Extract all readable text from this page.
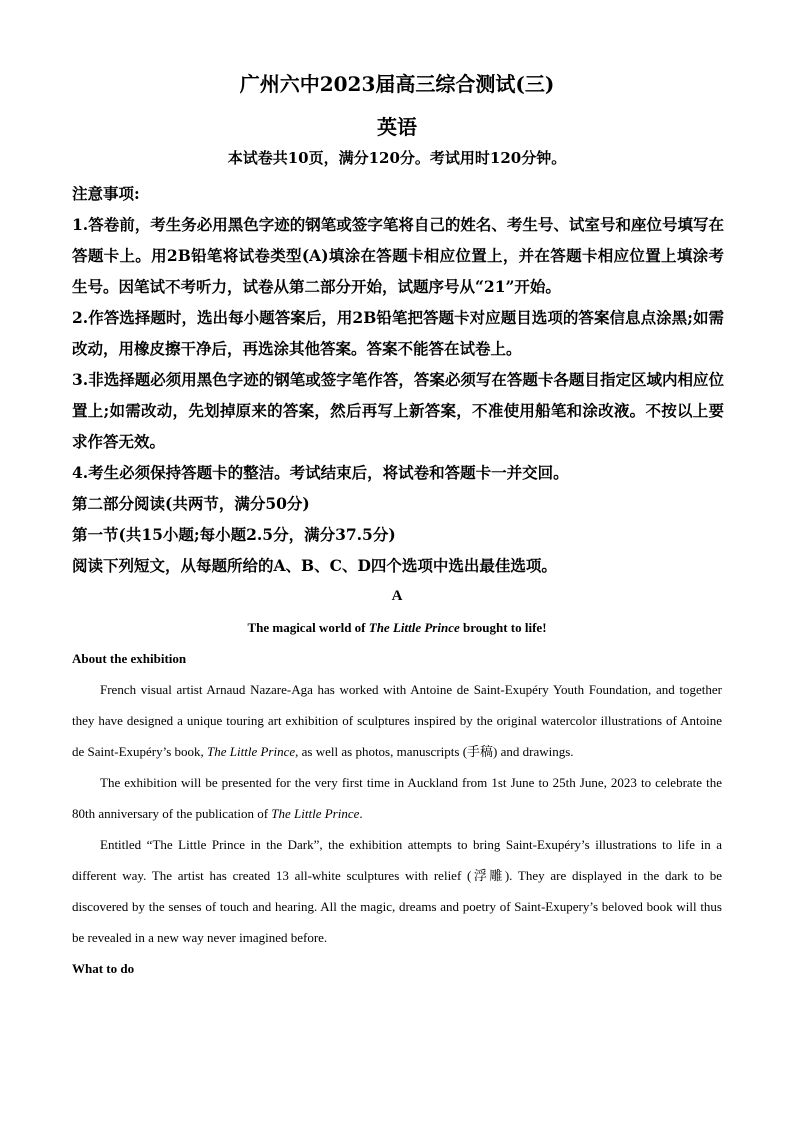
广州六中2023届高三综合测试(三)
英语
本试卷共10页，满分120分。考试用时120分钟。

注意事项:

1.答卷前，考生务必用黑色字迹的钢笔或签字笔将自己的姓名、考生号、试室号和座位号填写在答题卡上。用2B铅笔将试卷类型(A)填涂在答题卡相应位置上，并在答题卡相应位置上填涂考生号。因笔试不考听力，试卷从第二部分开始，试题序号从“21”开始。

2.作答选择题时，选出每小题答案后，用2B铅笔把答题卡对应题目选项的答案信息点涂黑;如需改动，用橡皮擦干净后，再选涂其他答案。答案不能答在试卷上。

3.非选择题必须用黑色字迹的钢笔或签字笔作答，答案必须写在答题卡各题目指定区域内相应位置上;如需改动，先划掉原来的答案，然后再写上新答案，不准使用船笔和涂改液。不按以上要求作答无效。

4.考生必须保持答题卡的整洁。考试结束后，将试卷和答题卡一并交回。

第二部分阅读(共两节，满分50分)

第一节(共15小题;每小题2.5分，满分37.5分)

阅读下列短文，从每题所给的A、B、C、D四个选项中选出最佳选项。

A

The magical world of The Little Prince brought to life!

About the exhibition

French visual artist Arnaud Nazare-Aga has worked with Antoine de Saint-Exupéry Youth Foundation, and together they have designed a unique touring art exhibition of sculptures inspired by the original watercolor illustrations of Antoine de Saint-Exupéry’s book, The Little Prince, as well as photos, manuscripts (手稿) and drawings.

The exhibition will be presented for the very first time in Auckland from 1st June to 25th June, 2023 to celebrate the 80th anniversary of the publication of The Little Prince.

Entitled “The Little Prince in the Dark”, the exhibition attempts to bring Saint-Exupéry’s illustrations to life in a different way. The artist has created 13 all-white sculptures with relief (浮雕). They are displayed in the dark to be discovered by the senses of touch and hearing. All the magic, dreams and poetry of Saint-Exupery’s beloved book will thus be revealed in a new way never imagined before.

What to do
